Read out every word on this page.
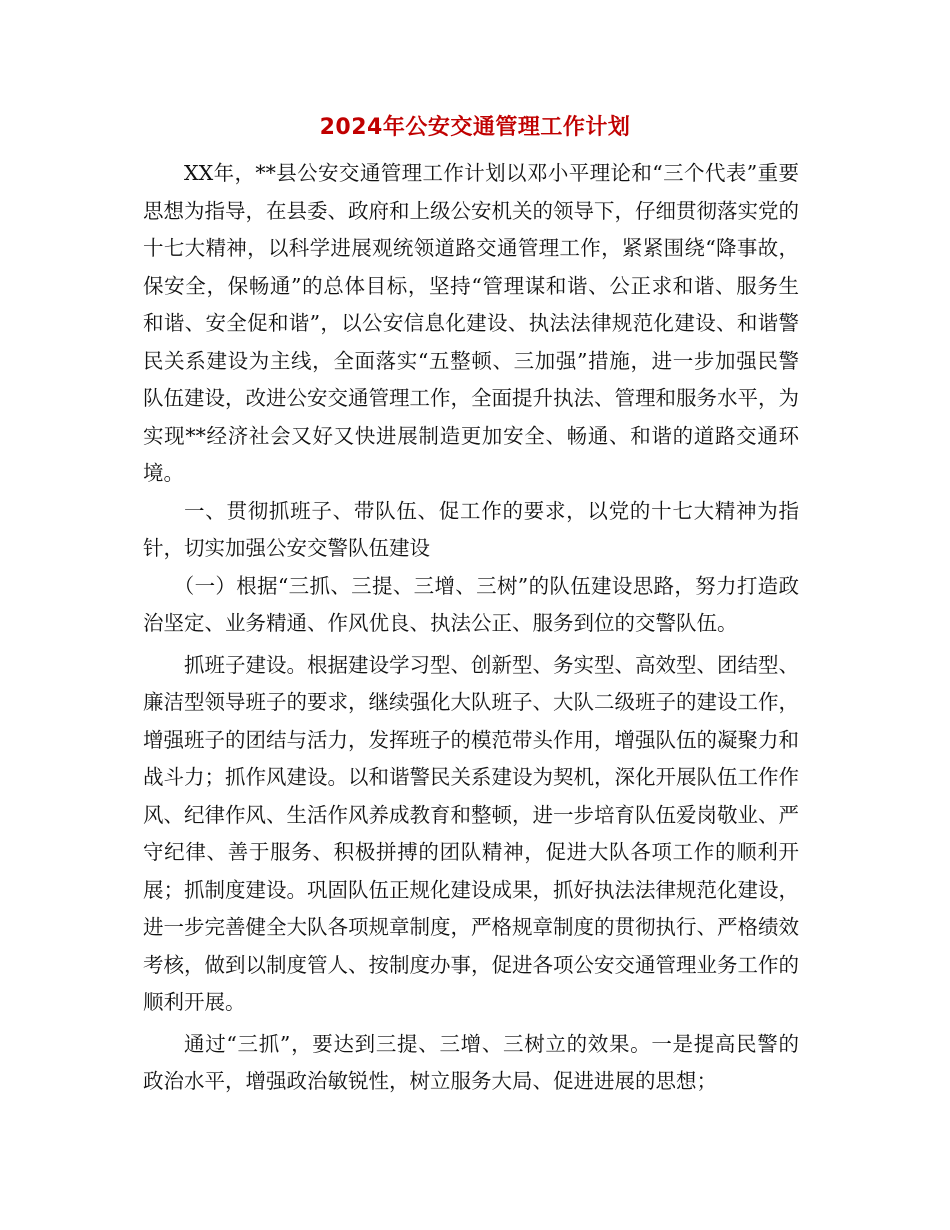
2024年公安交通管理工作计划

XX年，**县公安交通管理工作计划以邓小平理论和“三个代表”重要思想为指导，在县委、政府和上级公安机关的领导下，仔细贯彻落实党的十七大精神，以科学进展观统领道路交通管理工作，紧紧围绕“降事故，保安全，保畅通”的总体目标，坚持“管理谋和谐、公正求和谐、服务生和谐、安全促和谐”，以公安信息化建设、执法法律规范化建设、和谐警民关系建设为主线，全面落实“五整顿、三加强”措施，进一步加强民警队伍建设，改进公安交通管理工作，全面提升执法、管理和服务水平，为实现**经济社会又好又快进展制造更加安全、畅通、和谐的道路交通环境。

一、贯彻抓班子、带队伍、促工作的要求，以党的十七大精神为指针，切实加强公安交警队伍建设

（一）根据“三抓、三提、三增、三树”的队伍建设思路，努力打造政治坚定、业务精通、作风优良、执法公正、服务到位的交警队伍。

抓班子建设。根据建设学习型、创新型、务实型、高效型、团结型、廉洁型领导班子的要求，继续强化大队班子、大队二级班子的建设工作，增强班子的团结与活力，发挥班子的模范带头作用，增强队伍的凝聚力和战斗力；抓作风建设。以和谐警民关系建设为契机，深化开展队伍工作作风、纪律作风、生活作风养成教育和整顿，进一步培育队伍爱岗敬业、严守纪律、善于服务、积极拼搏的团队精神，促进大队各项工作的顺利开展；抓制度建设。巩固队伍正规化建设成果，抓好执法法律规范化建设，进一步完善健全大队各项规章制度，严格规章制度的贯彻执行、严格绩效考核，做到以制度管人、按制度办事，促进各项公安交通管理业务工作的顺利开展。

通过“三抓”，要达到三提、三增、三树立的效果。一是提高民警的政治水平，增强政治敏锐性，树立服务大局、促进进展的思想；
